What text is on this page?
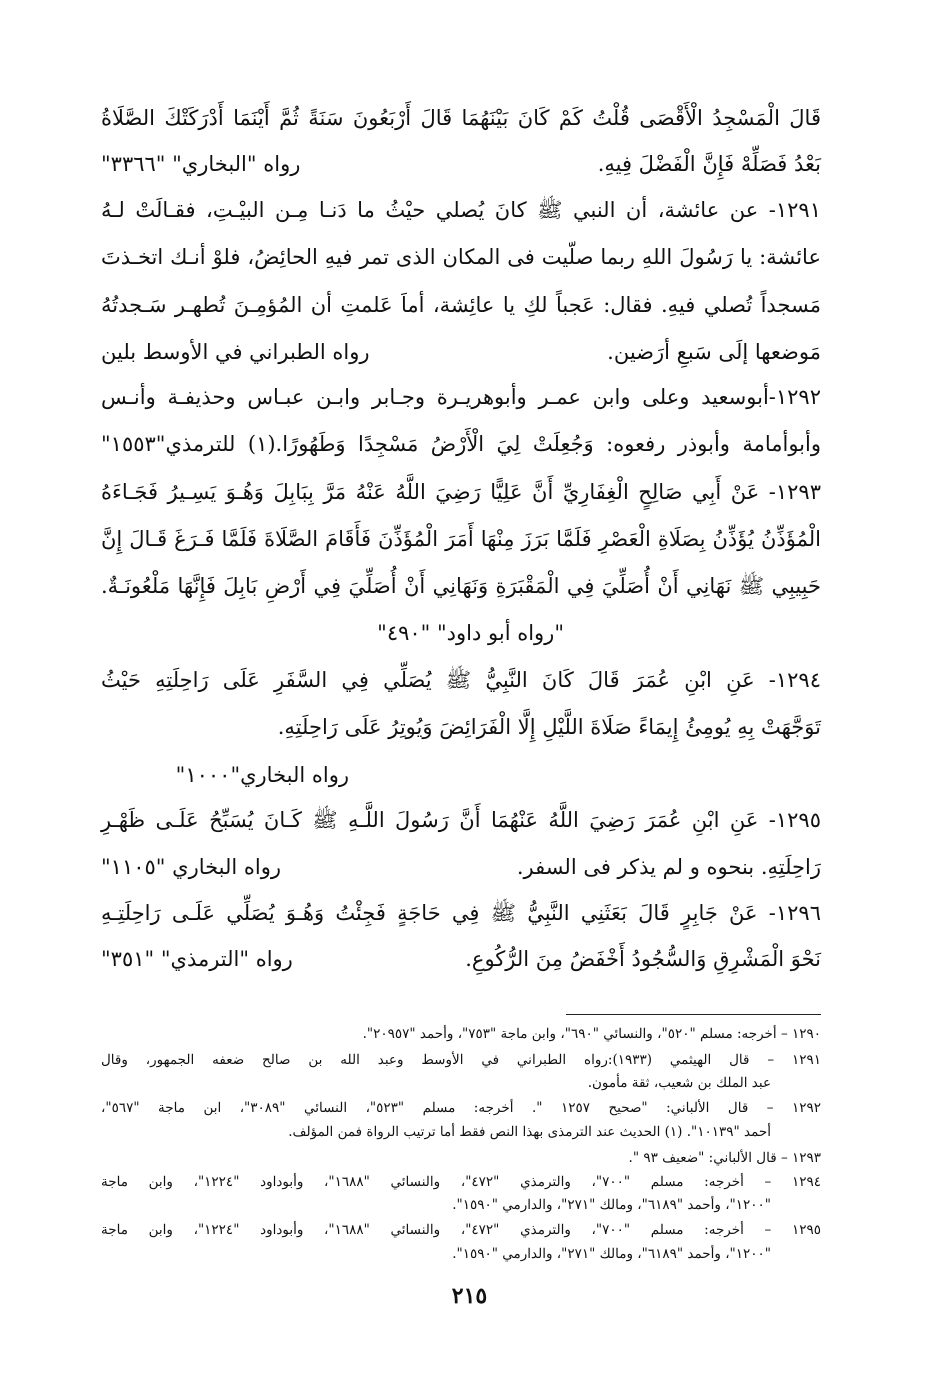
قَالَ الْمَسْجِدُ الْأَقْصَى قُلْتُ كَمْ كَانَ بَيْنَهُمَا قَالَ أَرْبَعُونَ سَنَةً ثُمَّ أَيْنَمَا أَدْرَكَتْكَ الصَّلَاةُ
بَعْدُ فَصَلِّهْ فَإِنَّ الْفَضْلَ فِيهِ.
رواه "البخاري" "٣٣٦٦"
١٢٩١- عن عائشة، أن النبي ﷺ كانَ يُصلي حيْثُ ما دَنـا مِـن البيْـتِ، فقـالَتْ لـهُ
عائشة: يا رَسُولَ اللهِ ربما صلّيت فى المكان الذى تمر فيهِ الحائِضُ، فلوْ أنـك اتخـذتَ
مَسجداً تُصلي فيهِ. فقال: عَجباً لكِ يا عائِشة، أماَ عَلمتِ أن المُؤمِـنَ تُطهـر سَـجدتُهُ
مَوضعها إلَى سَبعِ أرَضين.
رواه الطبراني في الأوسط بلين
١٢٩٢-أبوسعيد وعلى وابن عمـر وأبوهريـرة وجـابر وابـن عبـاس وحذيفـة وأنـس
وأبوأمامة وأبوذر رفعوه: وَجُعِلَتْ لِيَ الْأَرْضُ مَسْجِدًا وَطَهُورًا.(١) للترمذي"١٥٥٣"
١٢٩٣- عَنْ أَبِي صَالِحٍ الْغِفَارِيِّ أَنَّ عَلِيًّا رَضِيَ اللَّهُ عَنْهُ مَرَّ بِبَابِلَ وَهُـوَ يَسِـيرُ فَجَـاءَهُ
الْمُؤَذِّنُ يُؤَذِّنُ بِصَلَاةِ الْعَصْرِ فَلَمَّا بَرَزَ مِنْهَا أَمَرَ الْمُؤَذِّنَ فَأَقَامَ الصَّلَاةَ فَلَمَّا فَـرَغَ قَـالَ إِنَّ
حَبِيبِي ﷺ نَهَانِي أَنْ أُصَلِّيَ فِي الْمَقْبَرَةِ وَنَهَانِي أَنْ أُصَلِّيَ فِي أَرْضِ بَابِلَ فَإِنَّهَا مَلْعُونَـةٌ.
"رواه أبو داود" "٤٩٠"
١٢٩٤- عَنِ ابْنِ عُمَرَ قَالَ كَانَ النَّبِيُّ ﷺ يُصَلِّي فِي السَّفَرِ عَلَى رَاحِلَتِهِ حَيْثُ
تَوَجَّهَتْ بِهِ يُومِئُ إِيمَاءً صَلَاةَ اللَّيْلِ إِلَّا الْفَرَائِضَ وَيُوتِرُ عَلَى رَاحِلَتِهِ.
رواه البخاري"١٠٠٠"
١٢٩٥- عَنِ ابْنِ عُمَرَ رَضِيَ اللَّهُ عَنْهُمَا أَنَّ رَسُولَ اللَّـهِ ﷺ كَـانَ يُسَبِّحُ عَلَـى ظَهْـرِ
رَاحِلَتِهِ. بنحوه و لم يذكر فى السفر.
رواه البخاري "١١٠٥"
١٢٩٦- عَنْ جَابِرٍ قَالَ بَعَثَنِي النَّبِيُّ ﷺ فِي حَاجَةٍ فَجِئْتُ وَهُـوَ يُصَلِّي عَلَـى رَاحِلَتِـهِ
نَحْوَ الْمَشْرِقِ وَالسُّجُودُ أَخْفَضُ مِنَ الرُّكُوعِ.
رواه "الترمذي" "٣٥١"
١٢٩٠ – أخرجه: مسلم "٥٢٠"، والنسائي "٦٩٠"، وابن ماجة "٧٥٣"، وأحمد "٢٠٩٥٧".
١٢٩١ – قال الهيثمي (١٩٣٣):رواه الطبراني في الأوسط وعبد الله بن صالح ضعفه الجمهور، وقال
عبد الملك بن شعيب، ثقة مأمون.
١٢٩٢ – قال الألباني: "صحيح ١٢٥٧ ". أخرجه: مسلم "٥٢٣"، النسائي "٣٠٨٩"، ابن ماجة "٥٦٧"،
أحمد "١٠١٣٩". (١) الحديث عند الترمذى بهذا النص فقط أما ترتيب الرواة فمن المؤلف.
١٢٩٣ – قال الألباني: "ضعيف ٩٣ ".
١٢٩٤ – أخرجه: مسلم "٧٠٠"، والترمذي "٤٧٢"، والنسائي "١٦٨٨"، وأبوداود "١٢٢٤"، وابن ماجة
"١٢٠٠"، وأحمد "٦١٨٩"، ومالك "٢٧١"، والدارمي "١٥٩٠".
١٢٩٥ – أخرجه: مسلم "٧٠٠"، والترمذي "٤٧٢"، والنسائي "١٦٨٨"، وأبوداود "١٢٢٤"، وابن ماجة
"١٢٠٠"، وأحمد "٦١٨٩"، ومالك "٢٧١"، والدارمي "١٥٩٠".
٢١٥
